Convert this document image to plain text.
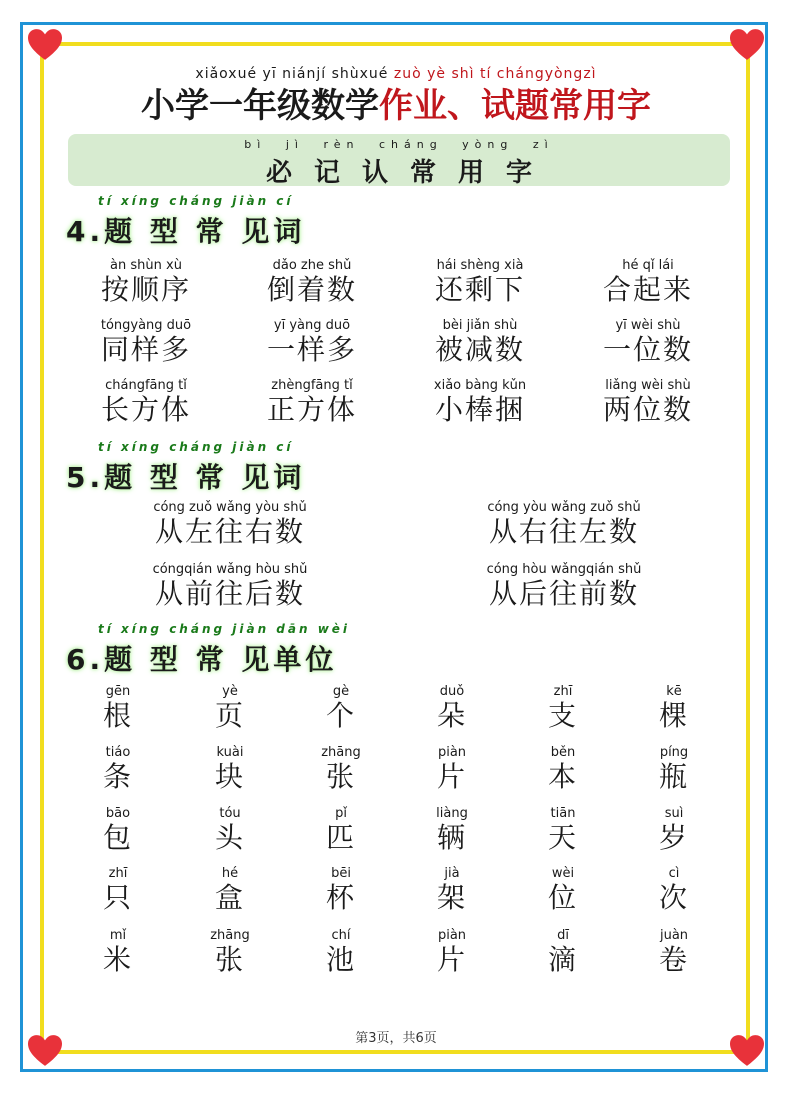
xiǎoxué yī niánjí shùxué zuò yè shì tí chángyòngzì
小学一年级数学作业、试题常用字
bì jì rèn cháng yòng zì
必记认常用字
tí xíng cháng jiàn cí
4.题 型 常 见词
àn shùn xù
按顺序
dǎo zhe shǔ
倒着数
hái shèng xià
还剩下
hé qǐ lái
合起来
tóngyàng duō
同样多
yī yàng duō
一样多
bèi jiǎn shù
被减数
yī wèi shù
一位数
chángfāng tǐ
长方体
zhèngfāng tǐ
正方体
xiǎo bàng kǔn
小棒捆
liǎng wèi shù
两位数
tí xíng cháng jiàn cí
5.题 型 常 见词
cóng zuǒ wǎng yòu shǔ
从左往右数
cóng yòu wǎng zuǒ shǔ
从右往左数
cóngqián wǎng hòu shǔ
从前往后数
cóng hòu wǎngqián shǔ
从后往前数
tí xíng cháng jiàn dān wèi
6.题 型 常 见单位
gēn
根
yè
页
gè
个
duǒ
朵
zhī
支
kē
棵
tiáo
条
kuài
块
zhāng
张
piàn
片
běn
本
píng
瓶
bāo
包
tóu
头
pǐ
匹
liàng
辆
tiān
天
suì
岁
zhī
只
hé
盒
bēi
杯
jià
架
wèi
位
cì
次
mǐ
米
zhāng
张
chí
池
piàn
片
dī
滴
juàn
卷
第3页，共6页
